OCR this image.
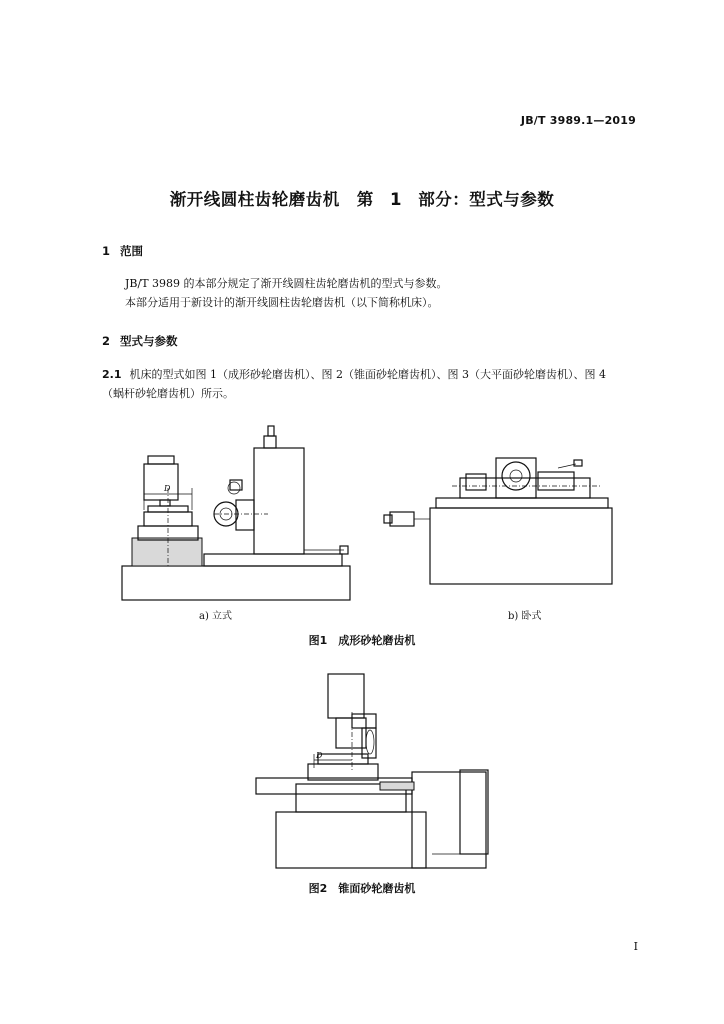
JB/T 3989.1—2019
渐开线圆柱齿轮磨齿机　第 1 部分：型式与参数
1 范围
JB/T 3989 的本部分规定了渐开线圆柱齿轮磨齿机的型式与参数。
本部分适用于新设计的渐开线圆柱齿轮磨齿机（以下简称机床）。
2 型式与参数
2.1 机床的型式如图 1（成形砂轮磨齿机）、图 2（锥面砂轮磨齿机）、图 3（大平面砂轮磨齿机）、图 4
（蜗杆砂轮磨齿机）所示。
D
a) 立式	b) 卧式
图1　成形砂轮磨齿机
D
图2　锥面砂轮磨齿机
I
